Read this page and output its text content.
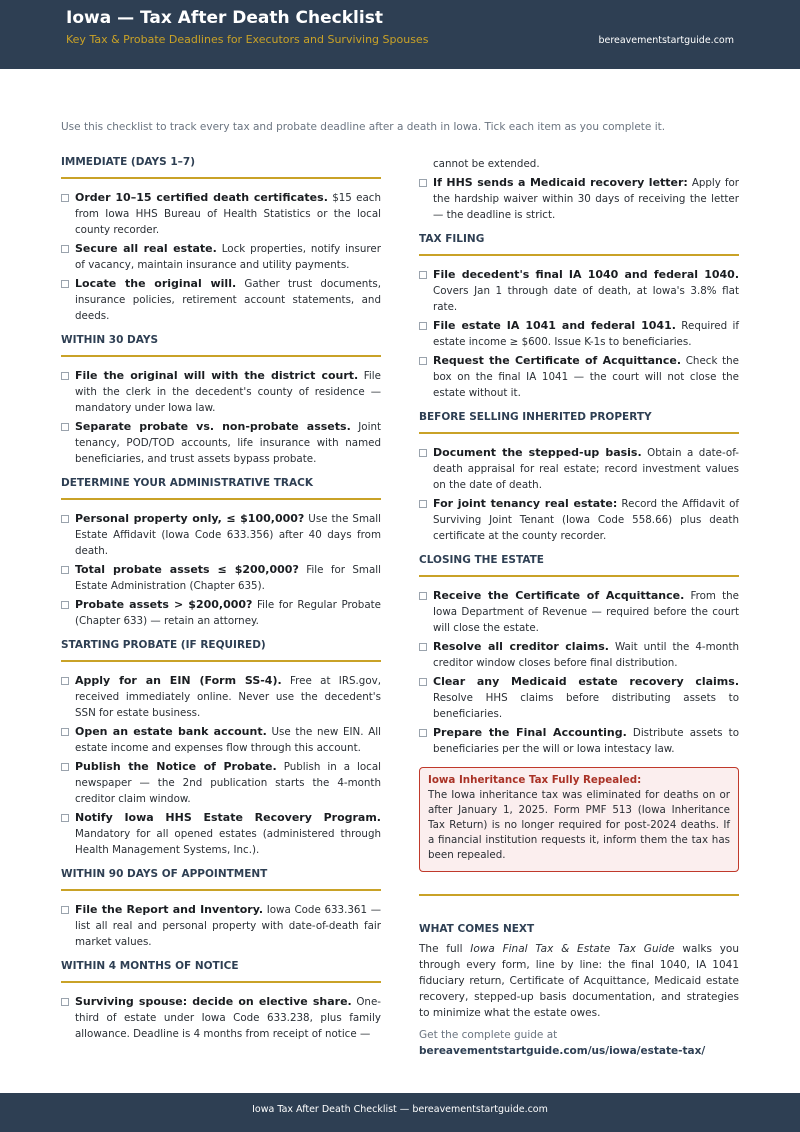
Iowa — Tax After Death Checklist
Key Tax & Probate Deadlines for Executors and Surviving Spouses	bereavementstartguide.com
Use this checklist to track every tax and probate deadline after a death in Iowa. Tick each item as you complete it.
IMMEDIATE (DAYS 1–7)
Order 10–15 certified death certificates. $15 each from Iowa HHS Bureau of Health Statistics or the local county recorder.
Secure all real estate. Lock properties, notify insurer of vacancy, maintain insurance and utility payments.
Locate the original will. Gather trust documents, insurance policies, retirement account statements, and deeds.
WITHIN 30 DAYS
File the original will with the district court. File with the clerk in the decedent's county of residence — mandatory under Iowa law.
Separate probate vs. non-probate assets. Joint tenancy, POD/TOD accounts, life insurance with named beneficiaries, and trust assets bypass probate.
DETERMINE YOUR ADMINISTRATIVE TRACK
Personal property only, ≤ $100,000? Use the Small Estate Affidavit (Iowa Code 633.356) after 40 days from death.
Total probate assets ≤ $200,000? File for Small Estate Administration (Chapter 635).
Probate assets > $200,000? File for Regular Probate (Chapter 633) — retain an attorney.
STARTING PROBATE (IF REQUIRED)
Apply for an EIN (Form SS-4). Free at IRS.gov, received immediately online. Never use the decedent's SSN for estate business.
Open an estate bank account. Use the new EIN. All estate income and expenses flow through this account.
Publish the Notice of Probate. Publish in a local newspaper — the 2nd publication starts the 4-month creditor claim window.
Notify Iowa HHS Estate Recovery Program. Mandatory for all opened estates (administered through Health Management Systems, Inc.).
WITHIN 90 DAYS OF APPOINTMENT
File the Report and Inventory. Iowa Code 633.361 — list all real and personal property with date-of-death fair market values.
WITHIN 4 MONTHS OF NOTICE
Surviving spouse: decide on elective share. One-third of estate under Iowa Code 633.238, plus family allowance. Deadline is 4 months from receipt of notice —
cannot be extended.
If HHS sends a Medicaid recovery letter: Apply for the hardship waiver within 30 days of receiving the letter — the deadline is strict.
TAX FILING
File decedent's final IA 1040 and federal 1040. Covers Jan 1 through date of death, at Iowa's 3.8% flat rate.
File estate IA 1041 and federal 1041. Required if estate income ≥ $600. Issue K-1s to beneficiaries.
Request the Certificate of Acquittance. Check the box on the final IA 1041 — the court will not close the estate without it.
BEFORE SELLING INHERITED PROPERTY
Document the stepped-up basis. Obtain a date-of-death appraisal for real estate; record investment values on the date of death.
For joint tenancy real estate: Record the Affidavit of Surviving Joint Tenant (Iowa Code 558.66) plus death certificate at the county recorder.
CLOSING THE ESTATE
Receive the Certificate of Acquittance. From the Iowa Department of Revenue — required before the court will close the estate.
Resolve all creditor claims. Wait until the 4-month creditor window closes before final distribution.
Clear any Medicaid estate recovery claims. Resolve HHS claims before distributing assets to beneficiaries.
Prepare the Final Accounting. Distribute assets to beneficiaries per the will or Iowa intestacy law.
Iowa Inheritance Tax Fully Repealed:
The Iowa inheritance tax was eliminated for deaths on or after January 1, 2025. Form PMF 513 (Iowa Inheritance Tax Return) is no longer required for post-2024 deaths. If a financial institution requests it, inform them the tax has been repealed.
WHAT COMES NEXT
The full Iowa Final Tax & Estate Tax Guide walks you through every form, line by line: the final 1040, IA 1041 fiduciary return, Certificate of Acquittance, Medicaid estate recovery, stepped-up basis documentation, and strategies to minimize what the estate owes.
Get the complete guide at
bereavementstartguide.com/us/iowa/estate-tax/
Iowa Tax After Death Checklist — bereavementstartguide.com
